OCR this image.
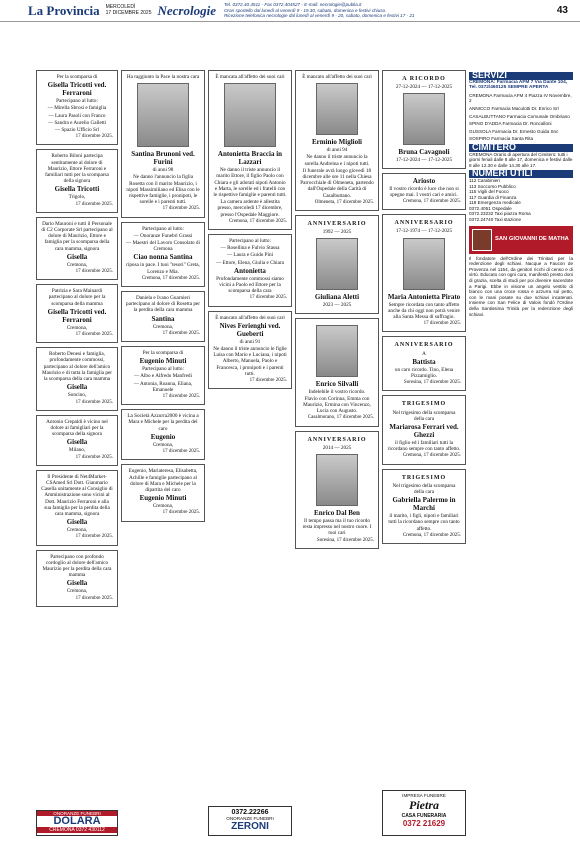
La Provincia MERCOLEDÌ
17 DICEMBRE 2025 Necrologie Tel. 0372.40.4511 - Fax 0372.404527 - E-mail: necrologie@publia.it
Orari sportello dal lunedì al venerdì 9 - 19.30, sabato, domenica e festivi chiuso.
Ricezione telefonica necrologie dal lunedì al venerdì 9 - 20, sabato, domenica e festivi 17 - 21	43

Per la scomparsa di

Gisella Tricotti ved. Ferraroni

Partecipano al lutto:

— Mirella Sbrosi e famiglia

— Laura Pasoli con Franco

— Sandra e Aurelio Galletti

— Spazio Ufficio Srl

17 dicembre 2025.

Roberto Biloni partecipa sentitamente al dolore di Maurizio, Ettore Ferraroni e familiari tutti per la scomparsa della signora

Gisella Tricotti

Trigolo,

17 dicembre 2025.

Dario Mauroni e tutti il Personale di C2 Corporate Srl partecipano al dolore di Maurizio, Ettore e famiglia per la scomparsa della cara mamma, signora

Gisella

Cremona,

17 dicembre 2025.

Patrizia e Sara Mainardi partecipano al dolore per la scomparsa della mamma

Gisella Tricotti ved. Ferraroni

Cremona,

17 dicembre 2025.

Roberto Denesi e famiglia, profondamente commossi, partecipano al dolore dell'amico Maurizio e di tutta la famiglia per la scomparsa della cara mamma

Gisella

Soncino,

17 dicembre 2025.

Antonio Crepaldi è vicino nel dolore ai famigliari per la scomparsa della signora

Gisella

Milano,

17 dicembre 2025.

Il Presidente di Net4Market-CSAmed Srl Dott. Gianmario Casella unitamente al Consiglio di Amministrazione sono vicini al Dott. Maurizio Ferraroni e alla sua famiglia per la perdita della cara mamma, signora

Gisella

Cremona,

17 dicembre 2025.

Partecipano con profondo cordoglio al dolore dell'amico Maurizio per la perdita della cara mamma

Gisella

Cremona,

17 dicembre 2025.

Ha raggiunto la Pace la nostra cara

Santina Brunoni ved. Furini

di anni 98

Ne danno l'annuncio la figlia Rosetta con il marito Maurizio, i nipoti Massimiliano ed Elisa con le rispettive famiglie, i pronipoti, le sorelle e i parenti tutti.

17 dicembre 2025.

Partecipano al lutto:

— Onoranze Funebri Grassi

— Maestri del Lavoro Consolato di Cremona

Ciao nonna Santina

riposa in pace. I tuoi "tesori" Greta, Lorenzo e Mia.

Cremona, 17 dicembre 2025.

Daniela e Ivano Guarnieri partecipano al dolore di Rosetta per la perdita della cara mamma

Santina

Cremona,

17 dicembre 2025.

Per la scomparsa di

Eugenio Minuti

Partecipano al lutto:

— Albo e Alfredo Manfredi

— Antonia, Roanna, Eliana, Emanuele

17 dicembre 2025.

La Società Azzurra2000 è vicina a Mara e Michele per la perdita del caro

Eugenio

Cremona,

17 dicembre 2025.

Eugenio, Mariateresa, Elisabetta, Achille e famiglie partecipano al dolore di Mara e Michele per la dipartita del caro

Eugenio Minuti

Cremona,

17 dicembre 2025.

È mancata all'affetto dei suoi cari

Antonietta Braccia in Lazzari

Ne danno il triste annuncio il marito Ettore, il figlio Paolo con Chiara e gli adorati nipoti Antonio e Marta, le sorelle ed i fratelli con le rispettive famiglie e parenti tutti.

La camera ardente è allestita presso, mercoledì 17 dicembre, presso l'Ospedale Maggiore.

Cremona, 17 dicembre 2025.

Partecipano al lutto:

— Rosellina e Fulvio Stassa

— Laura e Guido Pini

— Ettore, Elena, Giulia e Chiara

Antonietta

Profondamente commossi siamo vicini a Paolo ed Ettore per la scomparsa della cara

17 dicembre 2025.

È mancato all'affetto dei suoi cari

Nives Ferienghi ved. Gueberti

di anni 91

Ne danno il triste annuncio le figlie Luisa con Mario e Luciana, i nipoti Alberto, Manuela, Paolo e Francesca, i pronipoti e i parenti tutti.

17 dicembre 2025.

È mancato all'affetto dei suoi cari

Erminio Miglioli

di anni 94

Ne danno il triste annuncio la sorella Andreina e i nipoti tutti.

Il funerale avrà luogo giovedì 18 dicembre alle ore 11 nella Chiesa Parrocchiale di Olmeneta, partendo dall'Ospedale della Carità di Casalbuttano.

Olmeneta, 17 dicembre 2025.

ANNIVERSARIO

1992 — 2025

Giuliana Aletti

2023 — 2025

Enrico Silvalli

Indelebile il vostro ricordo.

Flavio con Corinna, Emma con Maurizio, Ermina con Vincenzo, Lucia con Augusto.

Casalmorano, 17 dicembre 2025.

ANNIVERSARIO

2014 — 2025

Enrico Dal Ben

Il tempo passa ma il tuo ricordo resta impresso nel nostro cuore. I tuoi cari

Soresina, 17 dicembre 2025.

A RICORDO

27-12-2024 — 17-12-2025

Bruna Cavagnoli

17-12-2024 — 17-12-2025

Ariosto

Il vostro ricordo è luce che non si spegne mai. I vostri cari e amici.

Cremona, 17 dicembre 2025.

ANNIVERSARIO

17-12-1974 — 17-12-2025

Maria Antonietta Pirato

Sempre ricordata con tanto affetto anche da chi oggi non potrà venire alla Santa Messa di suffragio.

17 dicembre 2025.

ANNIVERSARIO

A

Battista

un caro ricordo. Tino, Elena Pizzamiglio.

Soresina, 17 dicembre 2025.

TRIGESIMO

Nel trigesimo della scomparsa della cara

Mariarosa Ferrari ved. Ghezzi

il figlio ed i familiari tutti la ricordano sempre con tanto affetto.

Cremona, 17 dicembre 2025.

TRIGESIMO

Nel trigesimo della scomparsa della cara

Gabriella Palermo in Marchi

il marito, i figli, nipoti e familiari tutti la ricordano sempre con tanto affetto.

Cremona, 17 dicembre 2025.

ONORANZE FUNEBRI
DOLARA
CREMONA 0372 430112
0372.22266
ONORANZE FUNEBRI
ZERONI
IMPRESA FUNEBRE
Pietra
CASA FUNERARIA
0372 21629
SERVIZI
CREMONA: Farmacia AFM 7 Via Dante 104, Tel. 0372/460125 SEMPRE APERTA
CREMONA Farmacia AFM 4 Piazza IV Novembre, 2
ANNICCO Farmacia Maculotti Dr. Enrico Srl
CASALBUTTANO Farmacia Comunale Ombriano
SPINO D'ADDA Farmacia Dr. Roncalloni
GUSSOLA Farmacia Dr. Ernesto Guida Snc
SOSPIRO Farmacia Santa Rita
CIMITERO
CREMONA Orario di apertura del Cimitero: tutti i giorni feriali dalle 8 alle 17, domenica e festivi dalle 8 alle 12.30 e dalle 14.30 alle 17.
NUMERI UTILI
112 Carabinieri
113 Soccorso Pubblico
115 Vigili del Fuoco
117 Guardia di Finanza
118 Emergenza medicale
0372.4051 Ospedale
0372.23232 Taxi piazza Roma
0372.24740 Taxi stazione
SAN GIOVANNI DE MATHA
Il fondatore dell'Ordine dei Trinitari per la redenzione degli schiavi. Nacque a Faucon de Provenza nel 1154, da genitori ricchi di censo e di virtù. Educato con ogni cura, manifestò presto doni di grazia, scelta di studi per poi divenire sacerdote a Parigi. Ebbe in visione un angelo vestito di bianco con una croce rossa e azzurra sul petto, con le mani posate su due schiavi incatenati. Insieme con San Felice di Valois fondò l'Ordine della Santissima Trinità per la redenzione degli schiavi.
